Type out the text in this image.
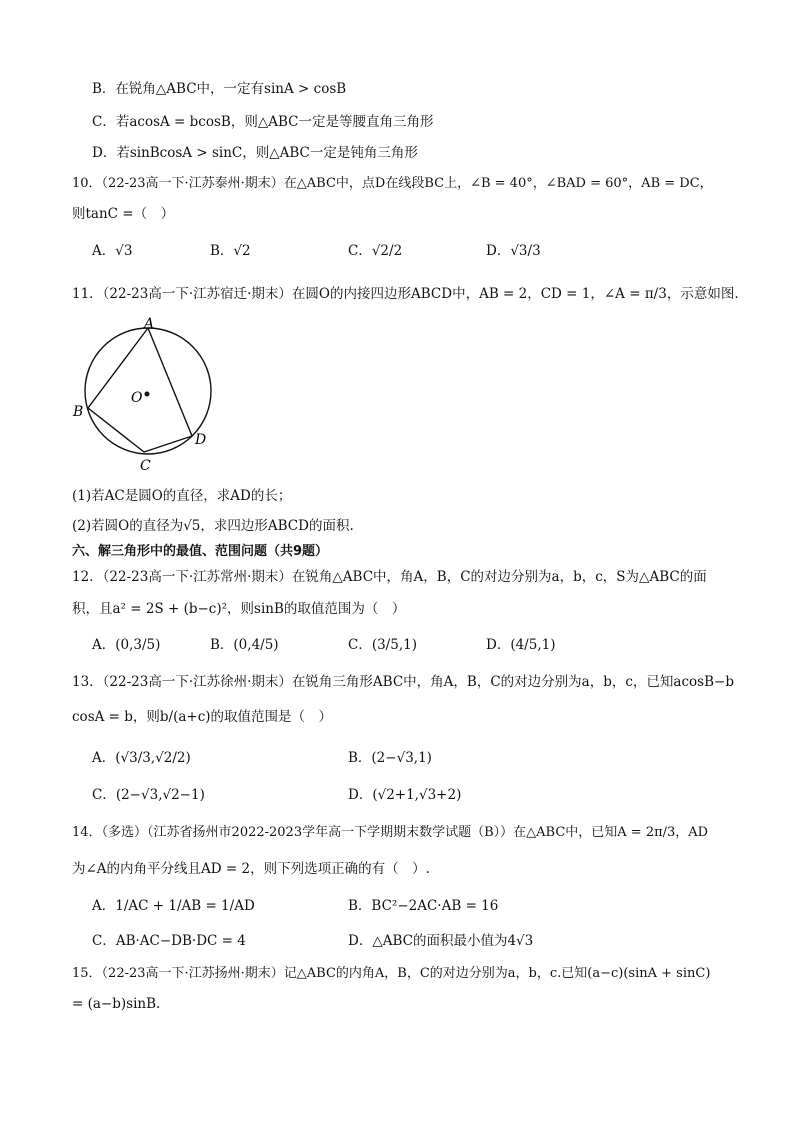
B．在锐角△ABC中，一定有sinA > cosB
C．若acosA = bcosB，则△ABC一定是等腰直角三角形
D．若sinBcosA > sinC，则△ABC一定是钝角三角形
10．（22-23高一下·江苏泰州·期末）在△ABC中，点D在线段BC上，∠B = 40°，∠BAD = 60°，AB = DC，
则tanC =（　）
A．√3	B．√2	C．√2/2	D．√3/3
11．（22-23高一下·江苏宿迁·期末）在圆O的内接四边形ABCD中，AB = 2，CD = 1，∠A = π/3，示意如图.
A
B
C
D
O
(1)若AC是圆O的直径，求AD的长；
(2)若圆O的直径为√5，求四边形ABCD的面积.
六、解三角形中的最值、范围问题（共9题）
12．（22-23高一下·江苏常州·期末）在锐角△ABC中，角A，B，C的对边分别为a，b，c，S为△ABC的面
积，且a² = 2S + (b−c)²，则sinB的取值范围为（　）
A．(0,3/5)	B．(0,4/5)	C．(3/5,1)	D．(4/5,1)
13．（22-23高一下·江苏徐州·期末）在锐角三角形ABC中，角A，B，C的对边分别为a，b，c，已知acosB−b
cosA = b，则b/(a+c)的取值范围是（　）
A．(√3/3,√2/2)	B．(2−√3,1)
C．(2−√3,√2−1)	D．(√2+1,√3+2)
14．（多选）（江苏省扬州市2022-2023学年高一下学期期末数学试题（B））在△ABC中，已知A = 2π/3，AD
为∠A的内角平分线且AD = 2，则下列选项正确的有（　）.
A．1/AC + 1/AB = 1/AD	B．BC²−2AC·AB = 16
C．AB·AC−DB·DC = 4	D．△ABC的面积最小值为4√3
15．（22-23高一下·江苏扬州·期末）记△ABC的内角A，B，C的对边分别为a，b，c.已知(a−c)(sinA + sinC)
= (a−b)sinB.
